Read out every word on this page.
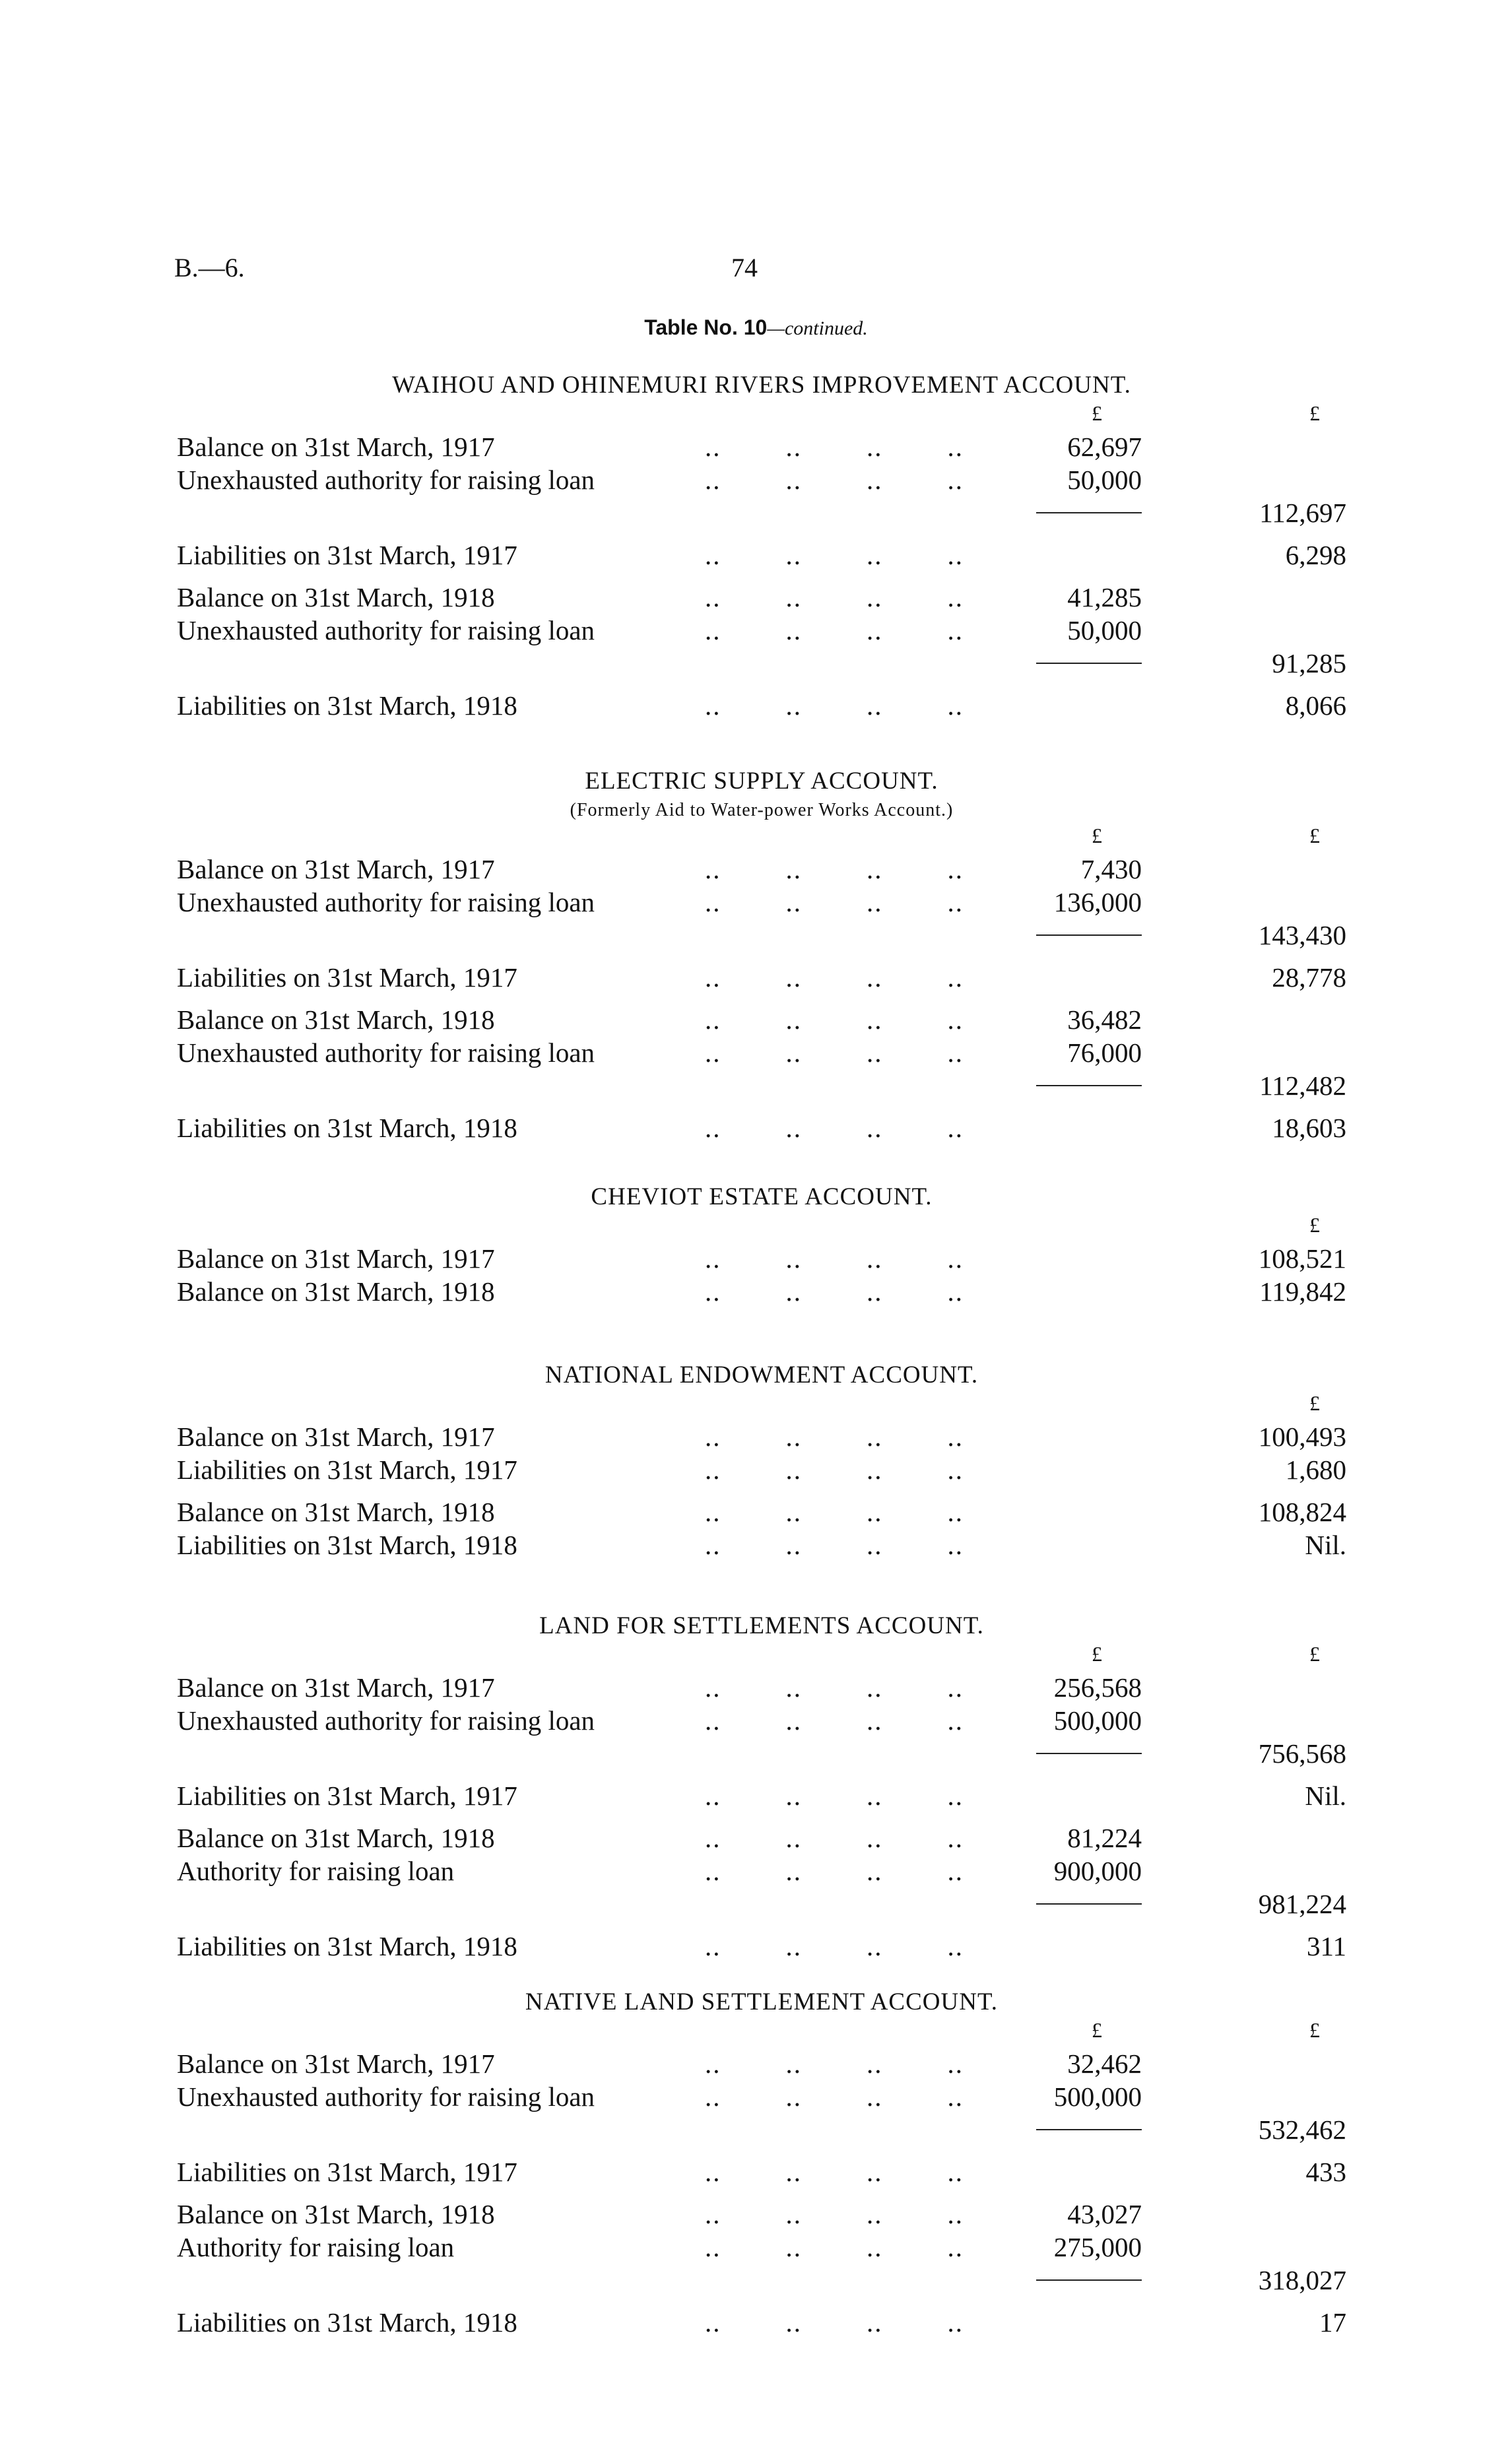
B.—6.	74
Table No. 10—continued.
WAIHOU AND OHINEMURI RIVERS IMPROVEMENT ACCOUNT.
£	£
Balance on 31st March, 1917	..        ..        ..        ..	62,697
Unexhausted authority for raising loan	..        ..        ..        ..	50,000
112,697
Liabilities on 31st March, 1917	..        ..        ..        ..	6,298
Balance on 31st March, 1918	..        ..        ..        ..	41,285
Unexhausted authority for raising loan	..        ..        ..        ..	50,000
91,285
Liabilities on 31st March, 1918	..        ..        ..        ..	8,066
ELECTRIC SUPPLY ACCOUNT.
(Formerly Aid to Water-power Works Account.)
£	£
Balance on 31st March, 1917	..        ..        ..        ..	7,430
Unexhausted authority for raising loan	..        ..        ..        ..	136,000
143,430
Liabilities on 31st March, 1917	..        ..        ..        ..	28,778
Balance on 31st March, 1918	..        ..        ..        ..	36,482
Unexhausted authority for raising loan	..        ..        ..        ..	76,000
112,482
Liabilities on 31st March, 1918	..        ..        ..        ..	18,603
CHEVIOT ESTATE ACCOUNT.
£
Balance on 31st March, 1917	..        ..        ..        ..	108,521
Balance on 31st March, 1918	..        ..        ..        ..	119,842
NATIONAL ENDOWMENT ACCOUNT.
£
Balance on 31st March, 1917	..        ..        ..        ..	100,493
Liabilities on 31st March, 1917	..        ..        ..        ..	1,680
Balance on 31st March, 1918	..        ..        ..        ..	108,824
Liabilities on 31st March, 1918	..        ..        ..        ..	Nil.
LAND FOR SETTLEMENTS ACCOUNT.
£	£
Balance on 31st March, 1917	..        ..        ..        ..	256,568
Unexhausted authority for raising loan	..        ..        ..        ..	500,000
756,568
Liabilities on 31st March, 1917	..        ..        ..        ..	Nil.
Balance on 31st March, 1918	..        ..        ..        ..	81,224
Authority for raising loan	..        ..        ..        ..	900,000
981,224
Liabilities on 31st March, 1918	..        ..        ..        ..	311
NATIVE LAND SETTLEMENT ACCOUNT.
£	£
Balance on 31st March, 1917	..        ..        ..        ..	32,462
Unexhausted authority for raising loan	..        ..        ..        ..	500,000
532,462
Liabilities on 31st March, 1917	..        ..        ..        ..	433
Balance on 31st March, 1918	..        ..        ..        ..	43,027
Authority for raising loan	..        ..        ..        ..	275,000
318,027
Liabilities on 31st March, 1918	..        ..        ..        ..	17
